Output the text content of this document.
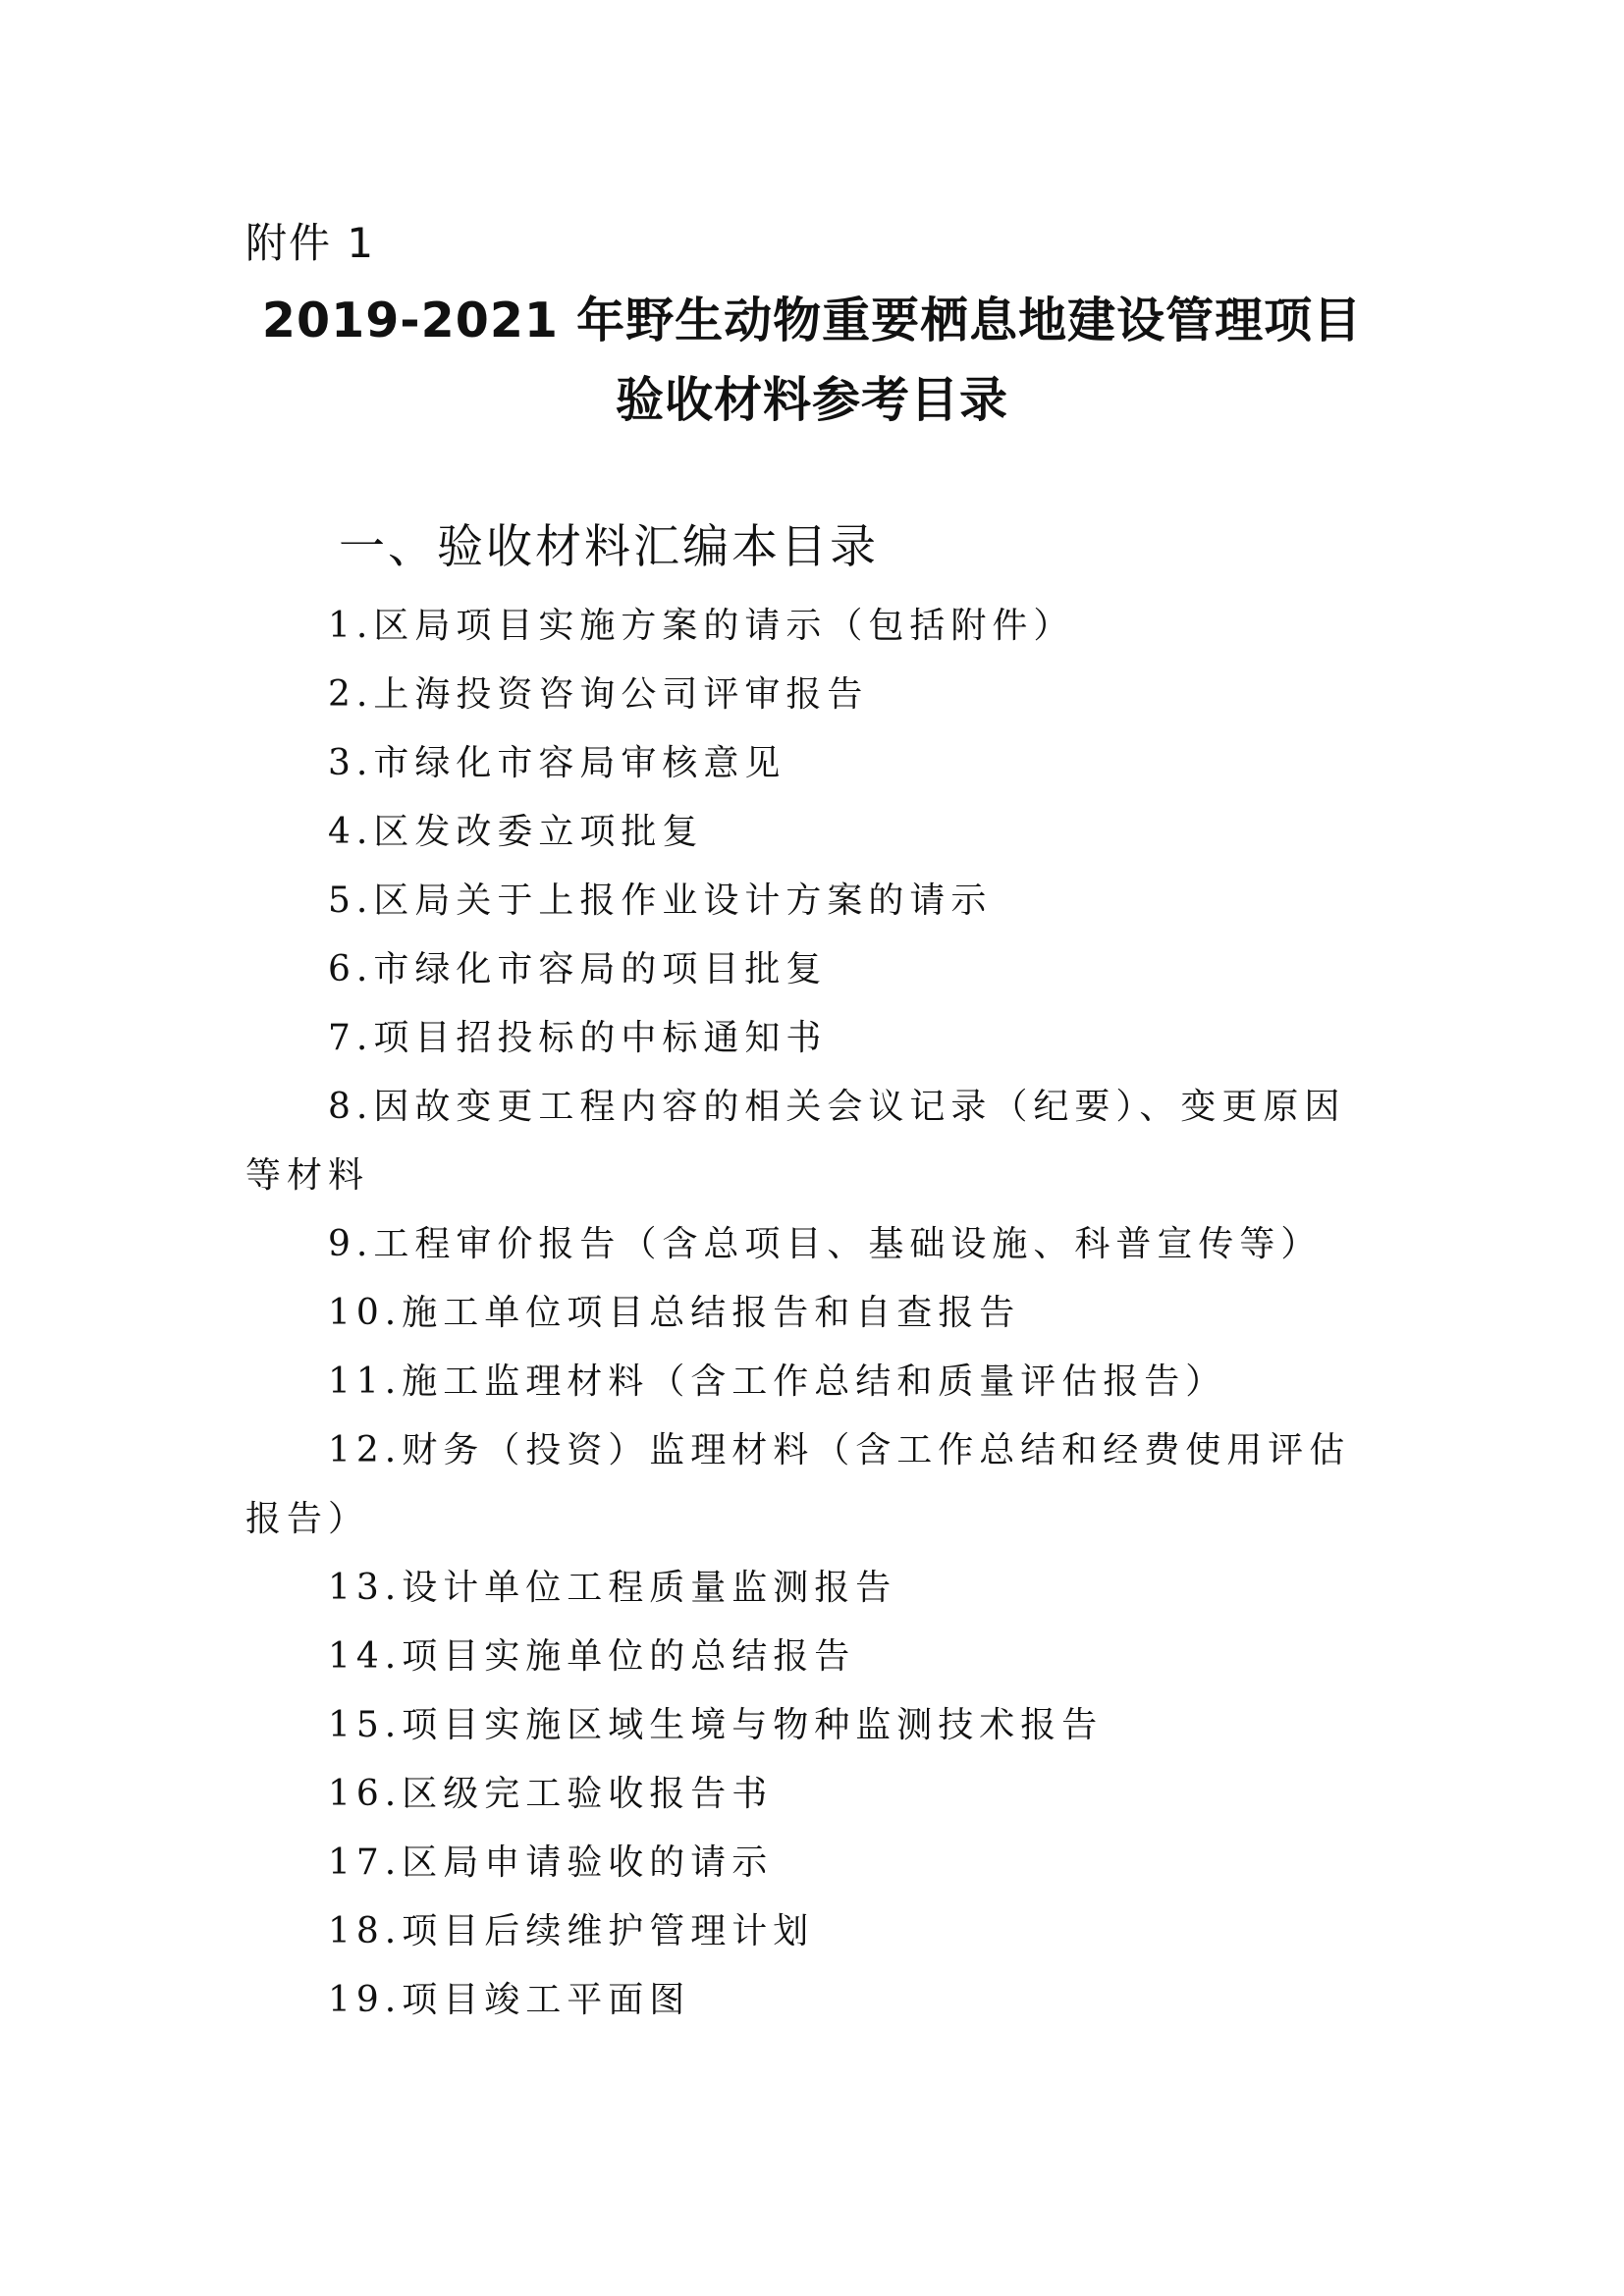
附件 1
2019-2021 年野生动物重要栖息地建设管理项目
验收材料参考目录
一、验收材料汇编本目录
1.区局项目实施方案的请示（包括附件）
2.上海投资咨询公司评审报告
3.市绿化市容局审核意见
4.区发改委立项批复
5.区局关于上报作业设计方案的请示
6.市绿化市容局的项目批复
7.项目招投标的中标通知书
8.因故变更工程内容的相关会议记录（纪要）、变更原因等材料
9.工程审价报告（含总项目、基础设施、科普宣传等）
10.施工单位项目总结报告和自查报告
11.施工监理材料（含工作总结和质量评估报告）
12.财务（投资）监理材料（含工作总结和经费使用评估报告）
13.设计单位工程质量监测报告
14.项目实施单位的总结报告
15.项目实施区域生境与物种监测技术报告
16.区级完工验收报告书
17.区局申请验收的请示
18.项目后续维护管理计划
19.项目竣工平面图
